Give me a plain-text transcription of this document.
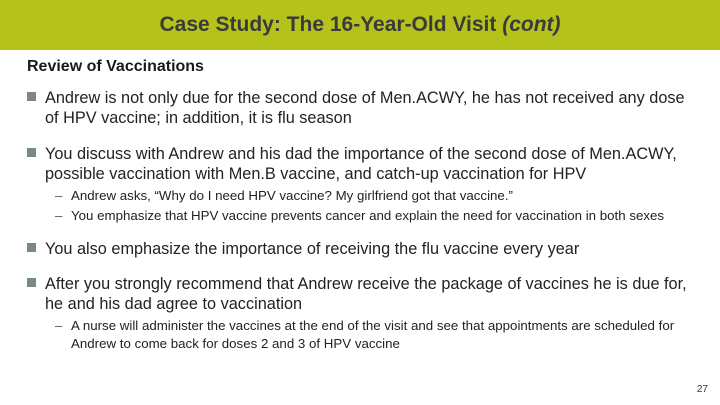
Case Study: The 16-Year-Old Visit (cont)
Review of Vaccinations
Andrew is not only due for the second dose of Men.ACWY, he has not received any dose of HPV vaccine; in addition, it is flu season
You discuss with Andrew and his dad the importance of the second dose of Men.ACWY, possible vaccination with Men.B vaccine, and catch-up vaccination for HPV
– Andrew asks, “Why do I need HPV vaccine? My girlfriend got that vaccine.”
– You emphasize that HPV vaccine prevents cancer and explain the need for vaccination in both sexes
You also emphasize the importance of receiving the flu vaccine every year
After you strongly recommend that Andrew receive the package of vaccines he is due for, he and his dad agree to vaccination
– A nurse will administer the vaccines at the end of the visit and see that appointments are scheduled for Andrew to come back for doses 2 and 3 of HPV vaccine
27
